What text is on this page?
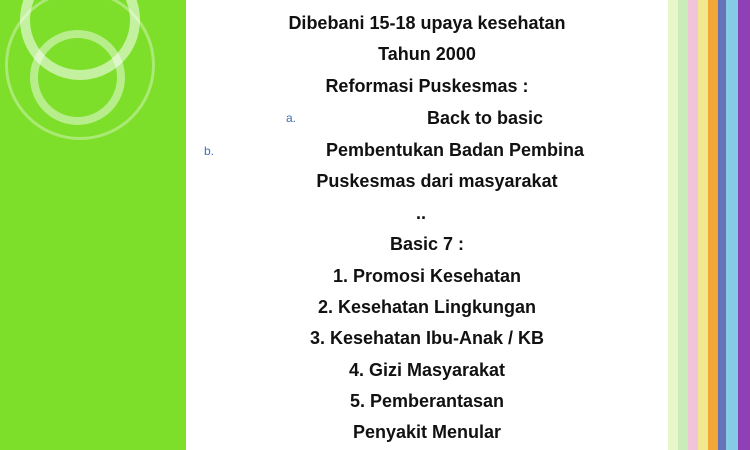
Dibebani 15-18 upaya kesehatan
Tahun 2000
Reformasi Puskesmas :
a.	Back to basic
b.	Pembentukan Badan Pembina
Puskesmas dari masyarakat
..
Basic 7 :
1. Promosi Kesehatan
2. Kesehatan Lingkungan
3. Kesehatan Ibu-Anak / KB
4. Gizi Masyarakat
5. Pemberantasan
Penyakit Menular
